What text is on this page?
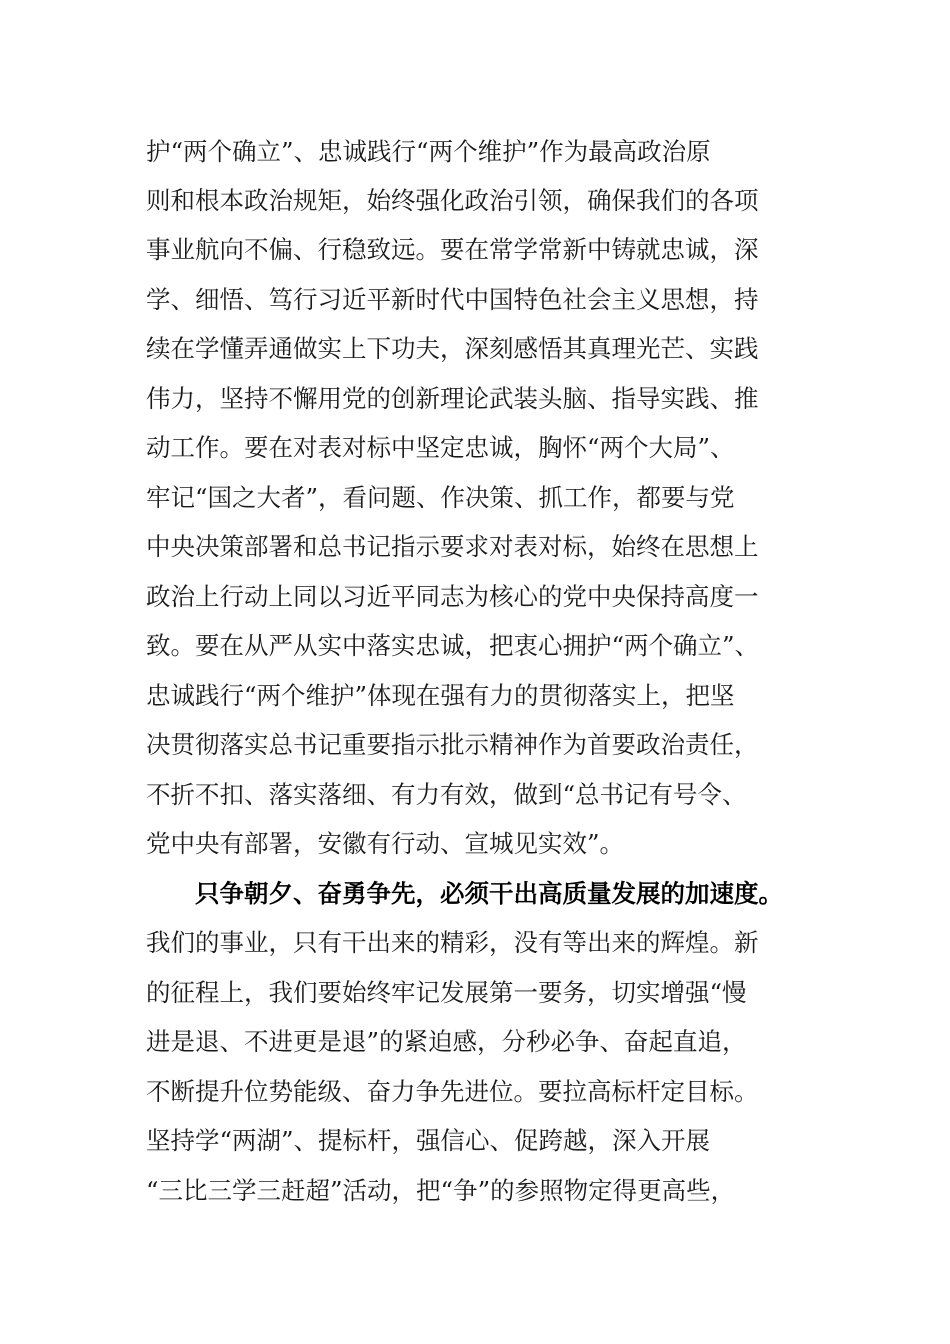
护“两个确立”、忠诚践行“两个维护”作为最高政治原
则和根本政治规矩，始终强化政治引领，确保我们的各项
事业航向不偏、行稳致远。要在常学常新中铸就忠诚，深
学、细悟、笃行习近平新时代中国特色社会主义思想，持
续在学懂弄通做实上下功夫，深刻感悟其真理光芒、实践
伟力，坚持不懈用党的创新理论武装头脑、指导实践、推
动工作。要在对表对标中坚定忠诚，胸怀“两个大局”、
牢记“国之大者”，看问题、作决策、抓工作，都要与党
中央决策部署和总书记指示要求对表对标，始终在思想上
政治上行动上同以习近平同志为核心的党中央保持高度一
致。要在从严从实中落实忠诚，把衷心拥护“两个确立”、
忠诚践行“两个维护”体现在强有力的贯彻落实上，把坚
决贯彻落实总书记重要指示批示精神作为首要政治责任，
不折不扣、落实落细、有力有效，做到“总书记有号令、
党中央有部署，安徽有行动、宣城见实效”。
只争朝夕、奋勇争先，必须干出高质量发展的加速度。
我们的事业，只有干出来的精彩，没有等出来的辉煌。新
的征程上，我们要始终牢记发展第一要务，切实增强“慢
进是退、不进更是退”的紧迫感，分秒必争、奋起直追，
不断提升位势能级、奋力争先进位。要拉高标杆定目标。
坚持学“两湖”、提标杆，强信心、促跨越，深入开展
“三比三学三赶超”活动，把“争”的参照物定得更高些，
